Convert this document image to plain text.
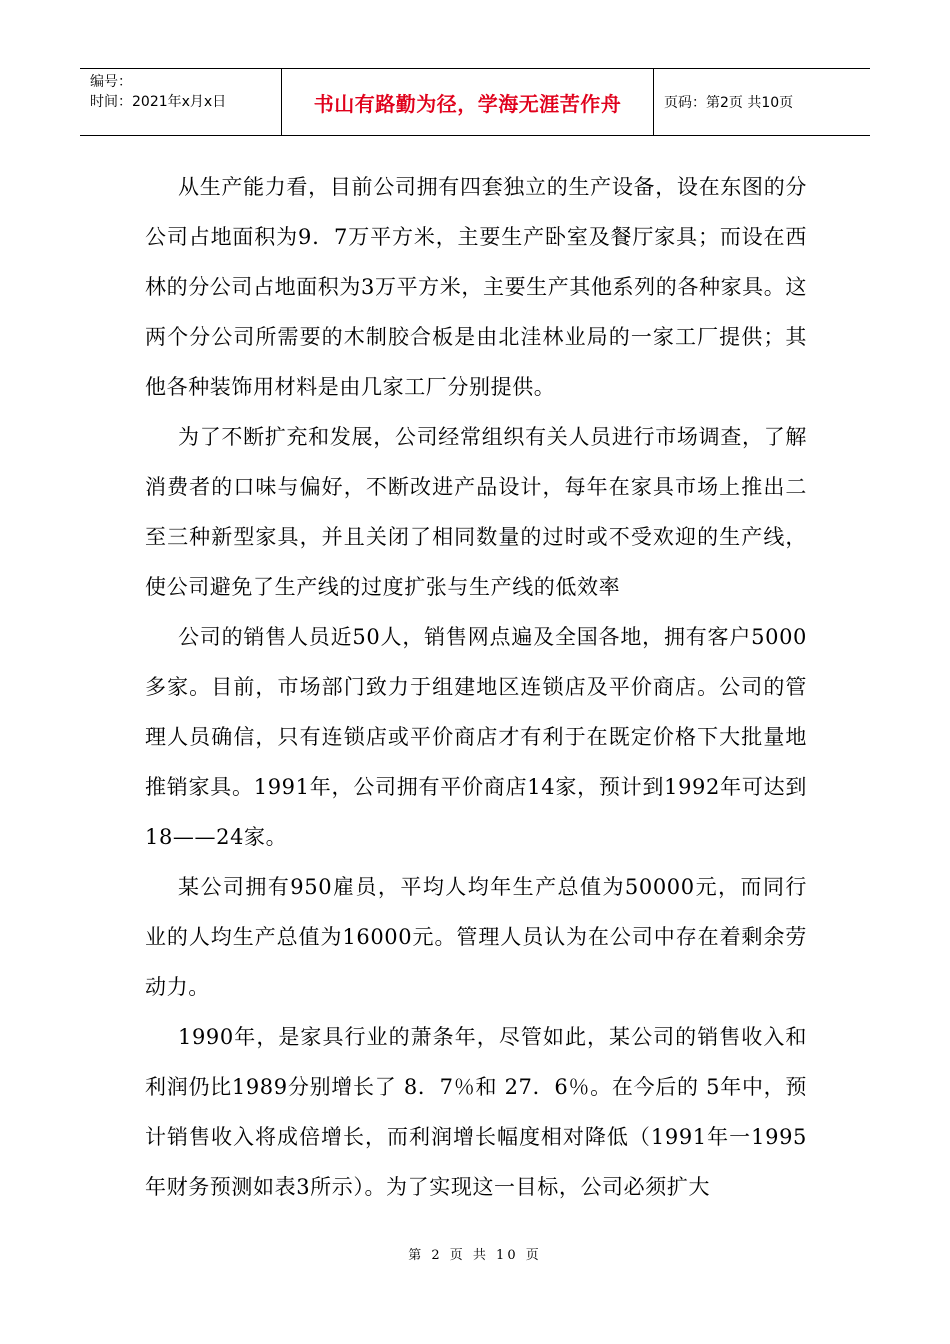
编号：
时间：2021年x月x日	书山有路勤为径，学海无涯苦作舟	页码：第2页 共10页

从生产能力看，目前公司拥有四套独立的生产设备，设在东图的分公司占地面积为9．7万平方米，主要生产卧室及餐厅家具；而设在西林的分公司占地面积为3万平方米，主要生产其他系列的各种家具。这两个分公司所需要的木制胶合板是由北洼林业局的一家工厂提供；其他各种装饰用材料是由几家工厂分别提供。

为了不断扩充和发展，公司经常组织有关人员进行市场调查，了解消费者的口味与偏好，不断改进产品设计，每年在家具市场上推出二至三种新型家具，并且关闭了相同数量的过时或不受欢迎的生产线，使公司避免了生产线的过度扩张与生产线的低效率

公司的销售人员近50人，销售网点遍及全国各地，拥有客户5000多家。目前，市场部门致力于组建地区连锁店及平价商店。公司的管理人员确信，只有连锁店或平价商店才有利于在既定价格下大批量地推销家具。1991年，公司拥有平价商店14家，预计到1992年可达到18——24家。

某公司拥有950雇员，平均人均年生产总值为50000元，而同行业的人均生产总值为16000元。管理人员认为在公司中存在着剩余劳动力。

1990年，是家具行业的萧条年，尽管如此，某公司的销售收入和利润仍比1989分别增长了 8．7％和 27．6％。在今后的 5年中，预计销售收入将成倍增长，而利润增长幅度相对降低（1991年一1995年财务预测如表3所示）。为了实现这一目标，公司必须扩大

第 2 页 共 10 页
